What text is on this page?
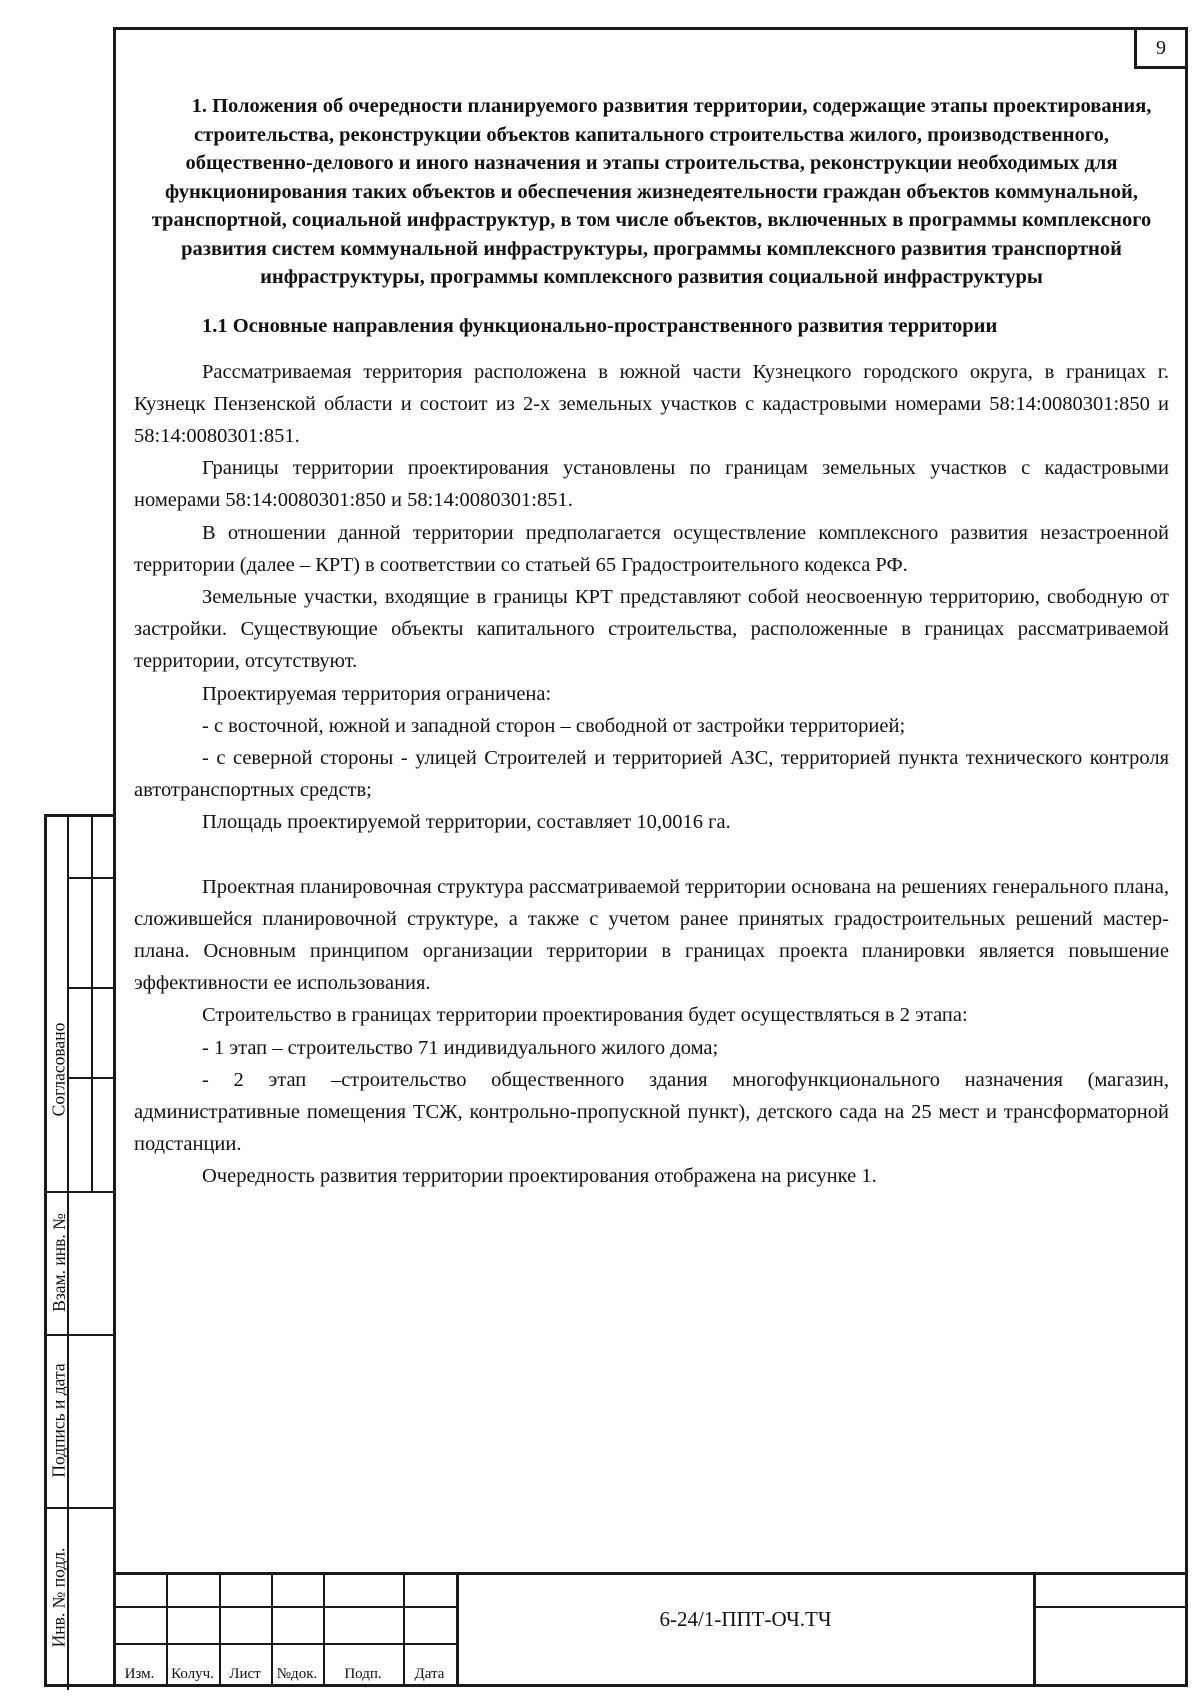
9
1. Положения об очередности планируемого развития территории, содержащие этапы проектирования, строительства, реконструкции объектов капитального строительства жилого, производственного, общественно-делового и иного назначения и этапы строительства, реконструкции необходимых для функционирования таких объектов и обеспечения жизнедеятельности граждан объектов коммунальной, транспортной, социальной инфраструктур, в том числе объектов, включенных в программы комплексного развития систем коммунальной инфраструктуры, программы комплексного развития транспортной инфраструктуры, программы комплексного развития социальной инфраструктуры
1.1 Основные направления функционально-пространственного развития территории

Рассматриваемая территория расположена в южной части Кузнецкого городского округа, в границах г. Кузнецк Пензенской области и состоит из 2-х земельных участков с кадастровыми номерами 58:14:0080301:850 и 58:14:0080301:851.

Границы территории проектирования установлены по границам земельных участков с кадастровыми номерами 58:14:0080301:850 и 58:14:0080301:851.

В отношении данной территории предполагается осуществление комплексного развития незастроенной территории (далее – КРТ) в соответствии со статьей 65 Градостроительного кодекса РФ.

Земельные участки, входящие в границы КРТ представляют собой неосвоенную территорию, свободную от застройки. Существующие объекты капитального строительства, расположенные в границах рассматриваемой территории, отсутствуют.

Проектируемая территория ограничена:

- с восточной, южной и западной сторон – свободной от застройки территорией;

- с северной стороны - улицей Строителей и территорией АЗС, территорией пункта технического контроля автотранспортных средств;

Площадь проектируемой территории, составляет 10,0016 га.

Проектная планировочная структура рассматриваемой территории основана на решениях генерального плана, сложившейся планировочной структуре, а также с учетом ранее принятых градостроительных решений мастер-плана. Основным принципом организации территории в границах проекта планировки является повышение эффективности ее использования.

Строительство в границах территории проектирования будет осуществляться в 2 этапа:

- 1 этап – строительство 71 индивидуального жилого дома;

- 2 этап –строительство общественного здания многофункционального назначения (магазин, административные помещения ТСЖ, контрольно-пропускной пункт), детского сада на 25 мест и трансформаторной подстанции.

Очередность развития территории проектирования отображена на рисунке 1.

Изм.	Колуч.	Лист	№док.	Подп.	Дата
6-24/1-ППТ-ОЧ.ТЧ
Согласовано
Взам. инв. №
Подпись и дата
Инв. № подл.
